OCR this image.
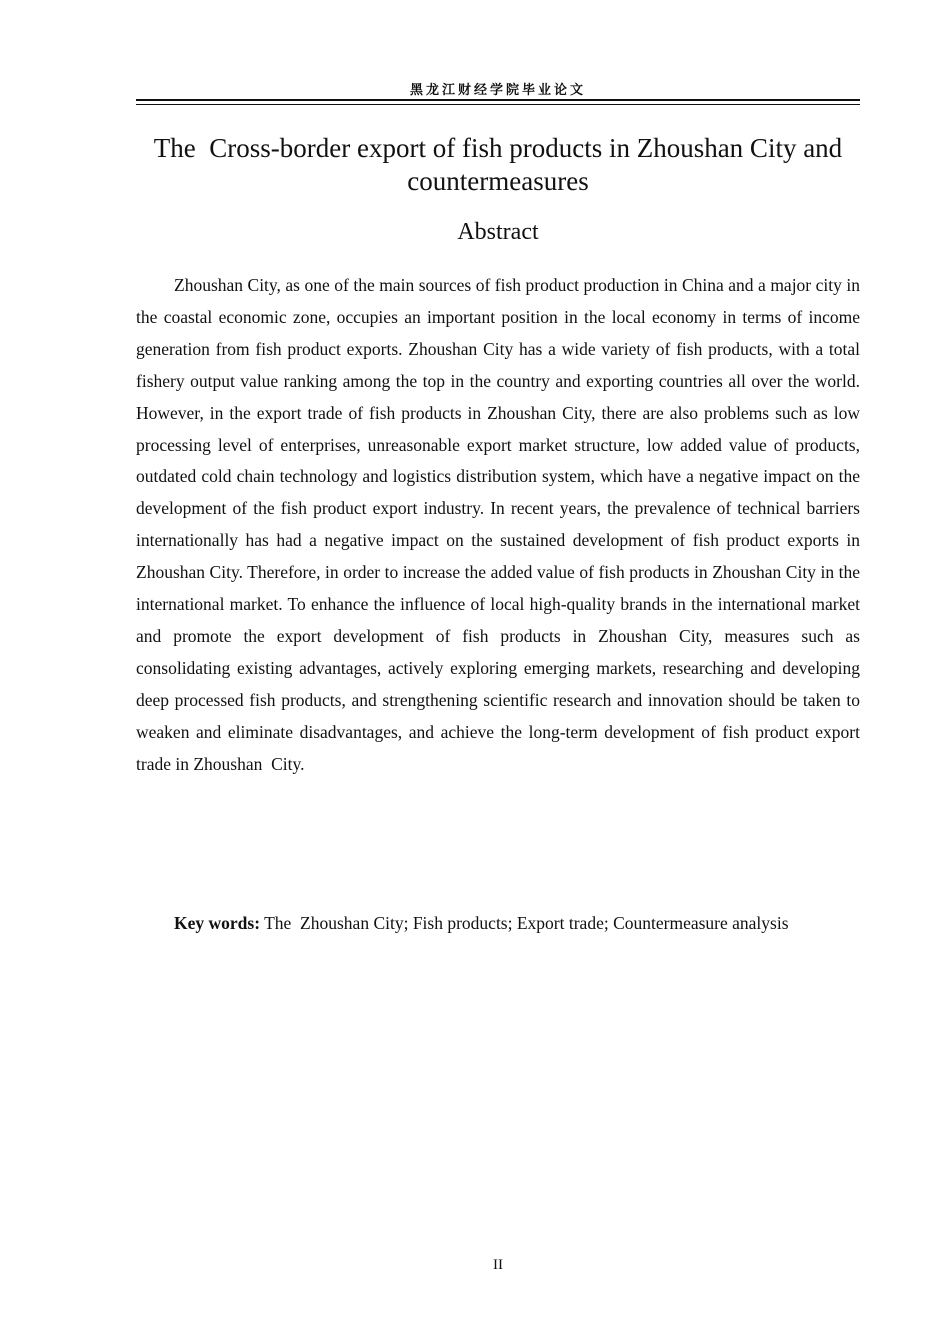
黑龙江财经学院毕业论文
The  Cross-border export of fish products in Zhoushan City and countermeasures
Abstract

Zhoushan City, as one of the main sources of fish product production in China and a major city in the coastal economic zone, occupies an important position in the local economy in terms of income generation from fish product exports. Zhoushan City has a wide variety of fish products, with a total fishery output value ranking among the top in the country and exporting countries all over the world. However, in the export trade of fish products in Zhoushan City, there are also problems such as low processing level of enterprises, unreasonable export market structure, low added value of products, outdated cold chain technology and logistics distribution system, which have a negative impact on the development of the fish product export industry. In recent years, the prevalence of technical barriers internationally has had a negative impact on the sustained development of fish product exports in Zhoushan City. Therefore, in order to increase the added value of fish products in Zhoushan City in the international market. To enhance the influence of local high-quality brands in the international market and promote the export development of fish products in Zhoushan City, measures such as consolidating existing advantages, actively exploring emerging markets, researching and developing deep processed fish products, and strengthening scientific research and innovation should be taken to weaken and eliminate disadvantages, and achieve the long-term development of fish product export trade in Zhoushan  City.

Key words: The  Zhoushan City; Fish products; Export trade; Countermeasure analysis

II
